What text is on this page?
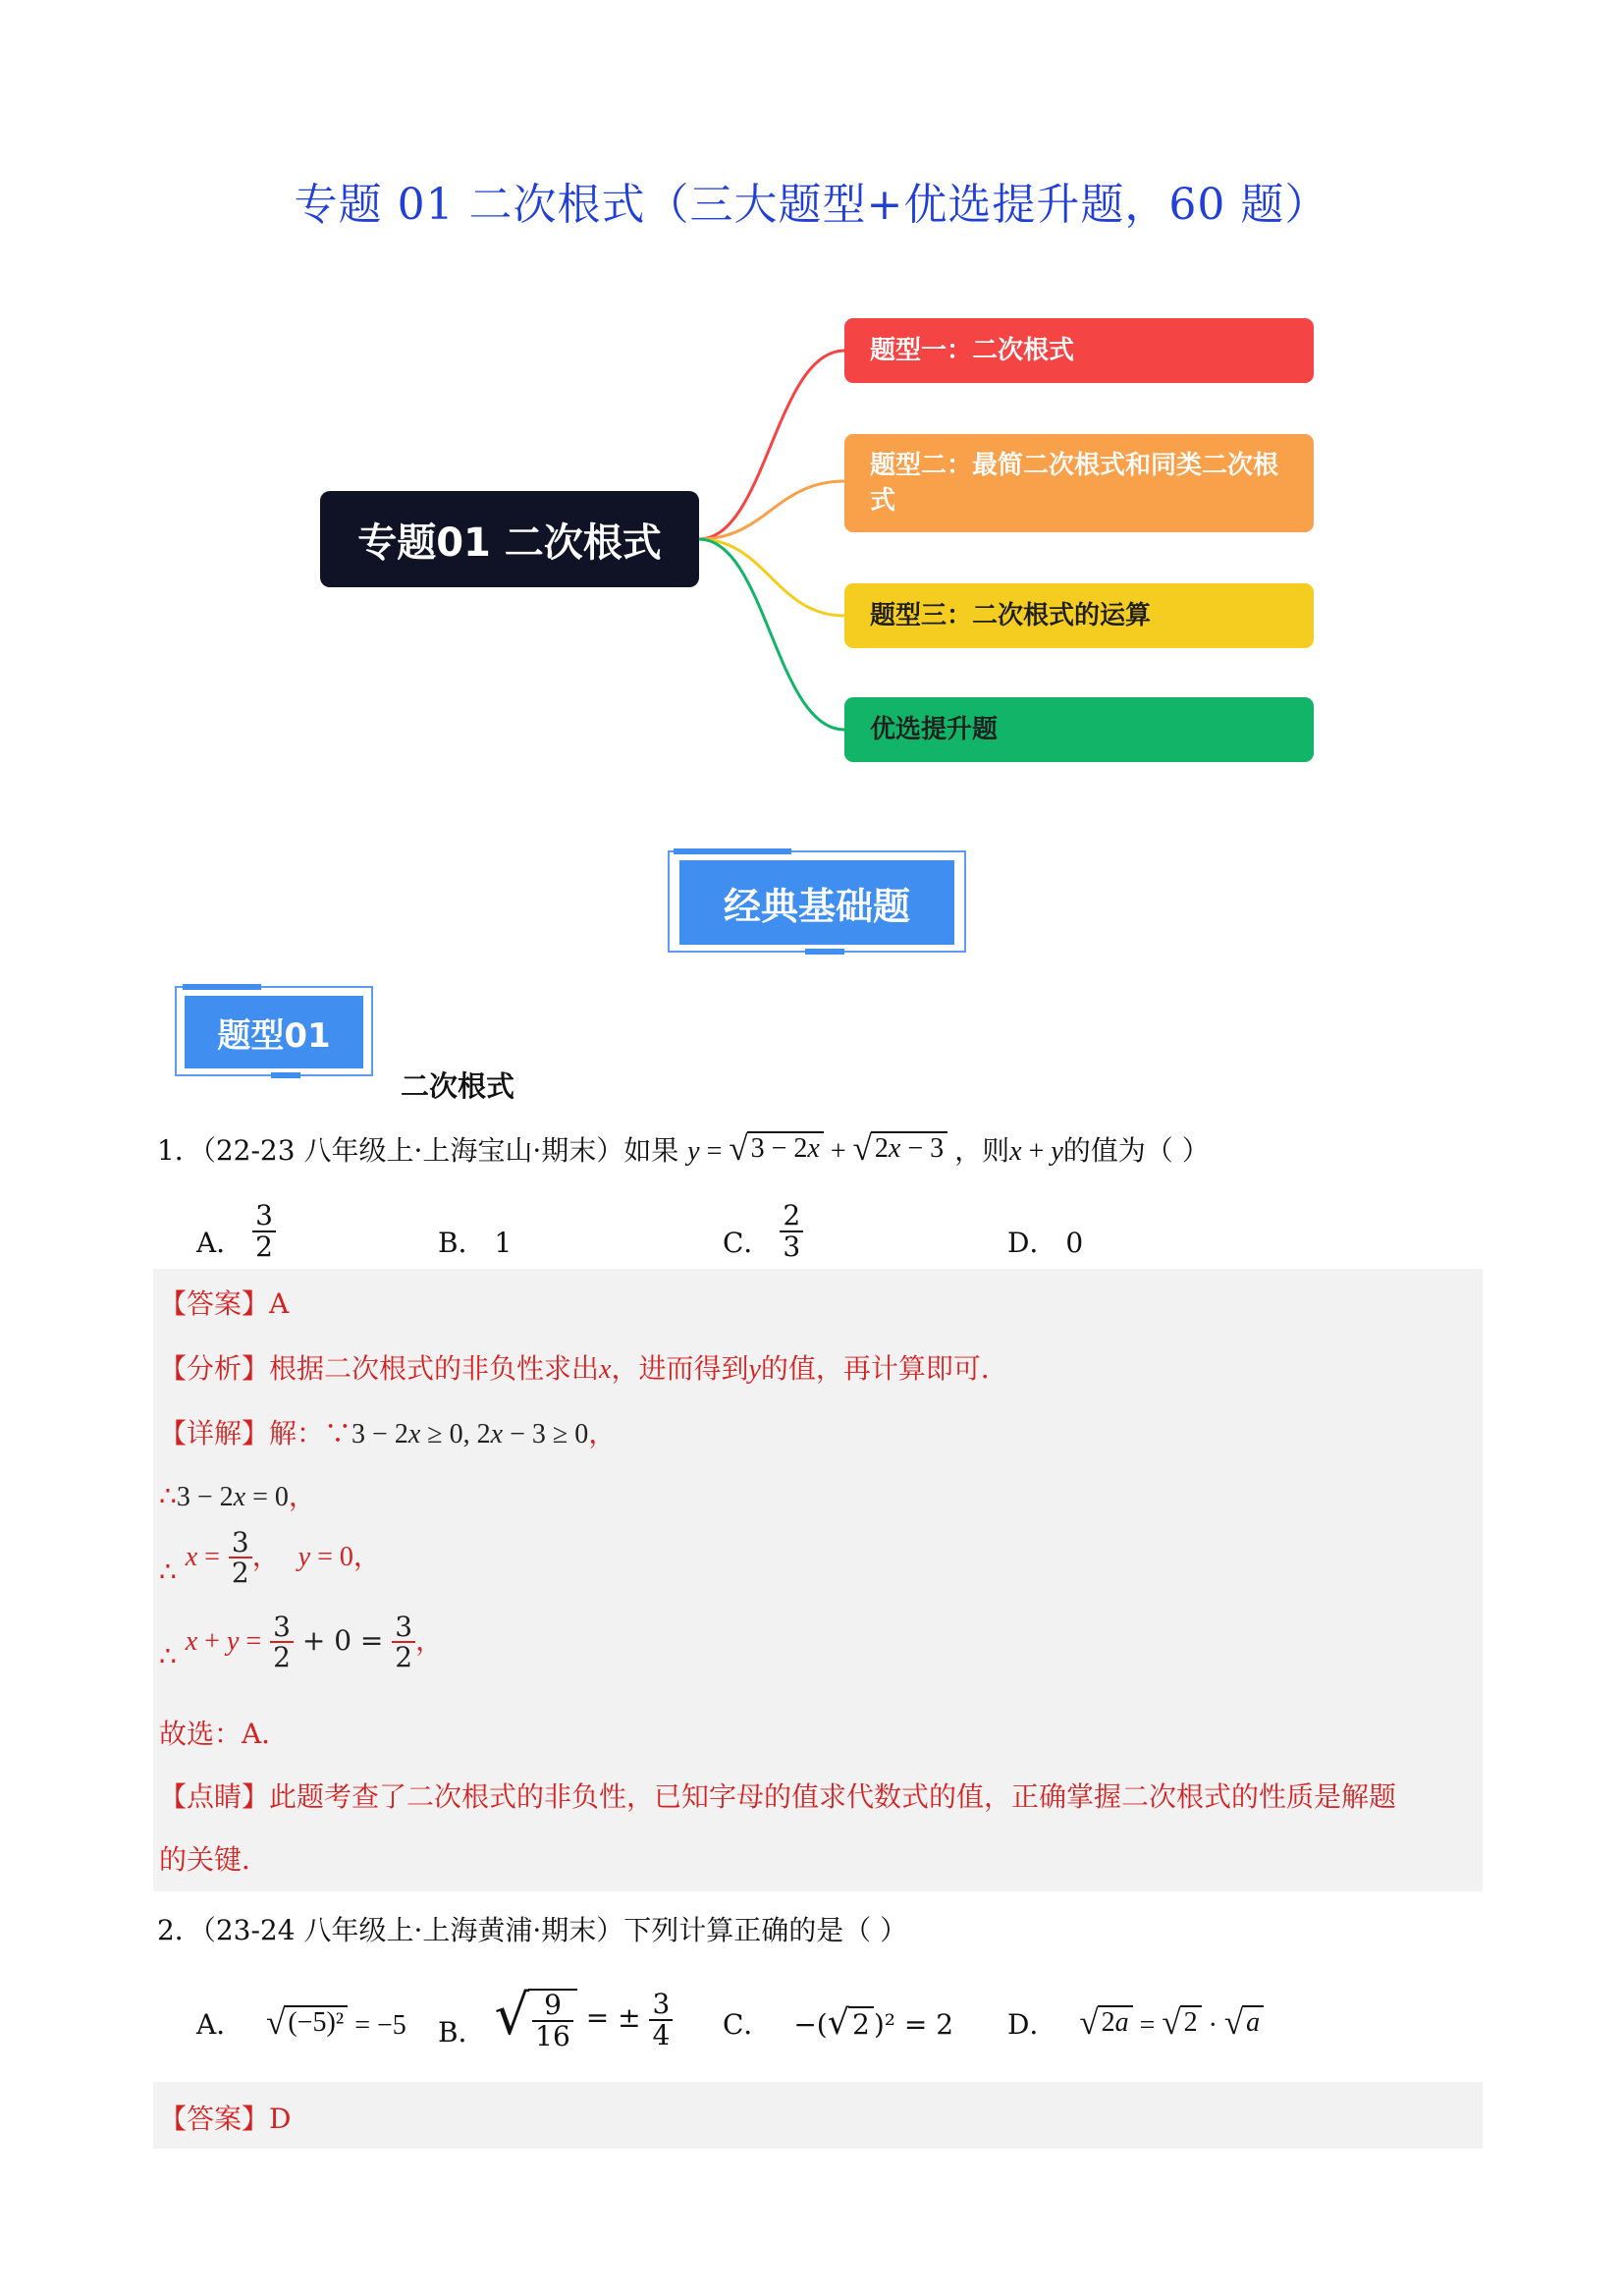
专题 01 二次根式（三大题型+优选提升题，60 题）
专题01 二次根式
题型一：二次根式
题型二：最简二次根式和同类二次根式
题型三：二次根式的运算
优选提升题
经典基础题
题型01
二次根式
1．（22-23 八年级上·上海宝山·期末）如果 y = √ 3 − 2x + √ 2x − 3 ，则x + y的值为（ ）
A． $\frac{3}{2}$	B． 1	C． $\frac{2}{3}$	D． 0
【答案】A
【分析】根据二次根式的非负性求出x，进而得到y的值，再计算即可．
【详解】解：∵3 − 2x ≥ 0, 2x − 3 ≥ 0，
∴3 − 2x = 0，
∴ $x = \frac{3}{2}$ ， y = 0，
∴ $x + y = \frac{3}{2} + 0 = \frac{3}{2}$ ，
故选：A．
【点睛】此题考查了二次根式的非负性，已知字母的值求代数式的值，正确掌握二次根式的性质是解题
的关键．
2．（23-24 八年级上·上海黄浦·期末）下列计算正确的是（ ）
A． √ (−5)² = −5 B． √ $\frac{9}{16}$ = ± $\frac{3}{4}$ C． −( √ 2 )² = 2 D． √ 2a = √ 2 · √ a
【答案】D
